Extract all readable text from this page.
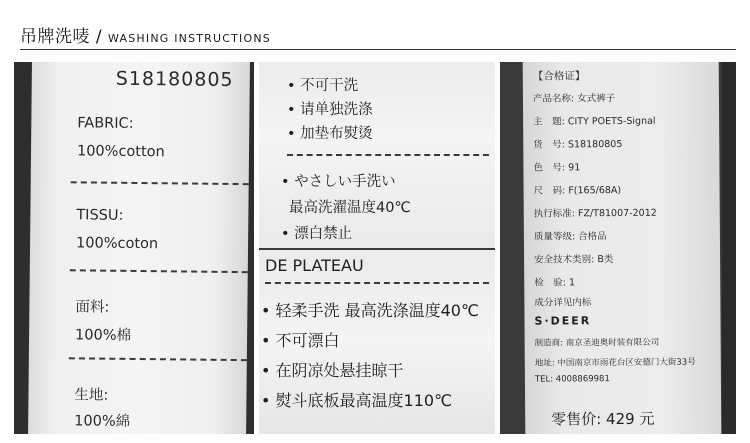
吊牌洗唛 / WASHING INSTRUCTIONS
S18180805
FABRIC:
100%cotton
TISSU:
100%coton
面料:
100%棉
生地:
100%綿
• 不可干洗
• 请单独洗涤
• 加垫布熨烫
• やさしい手洗い
最高洗濯温度40℃
• 漂白禁止
DE PLATEAU
• 轻柔手洗 最高洗涤温度40℃
• 不可漂白
• 在阴凉处悬挂晾干
• 熨斗底板最高温度110℃
【合格证】
产品名称: 女式裤子
主　题: CITY POETS-Signal
货　号: S18180805
色　号: 91
尺　码: F(165/68A)
执行标准: FZ/T81007-2012
质量等级: 合格品
安全技术类别: B类
检　验: 1
成分详见内标
S·DEER
制造商: 南京圣迪奥时装有限公司
地址: 中国南京市雨花台区安德门大街33号
TEL: 4008869981
零售价: 429 元
